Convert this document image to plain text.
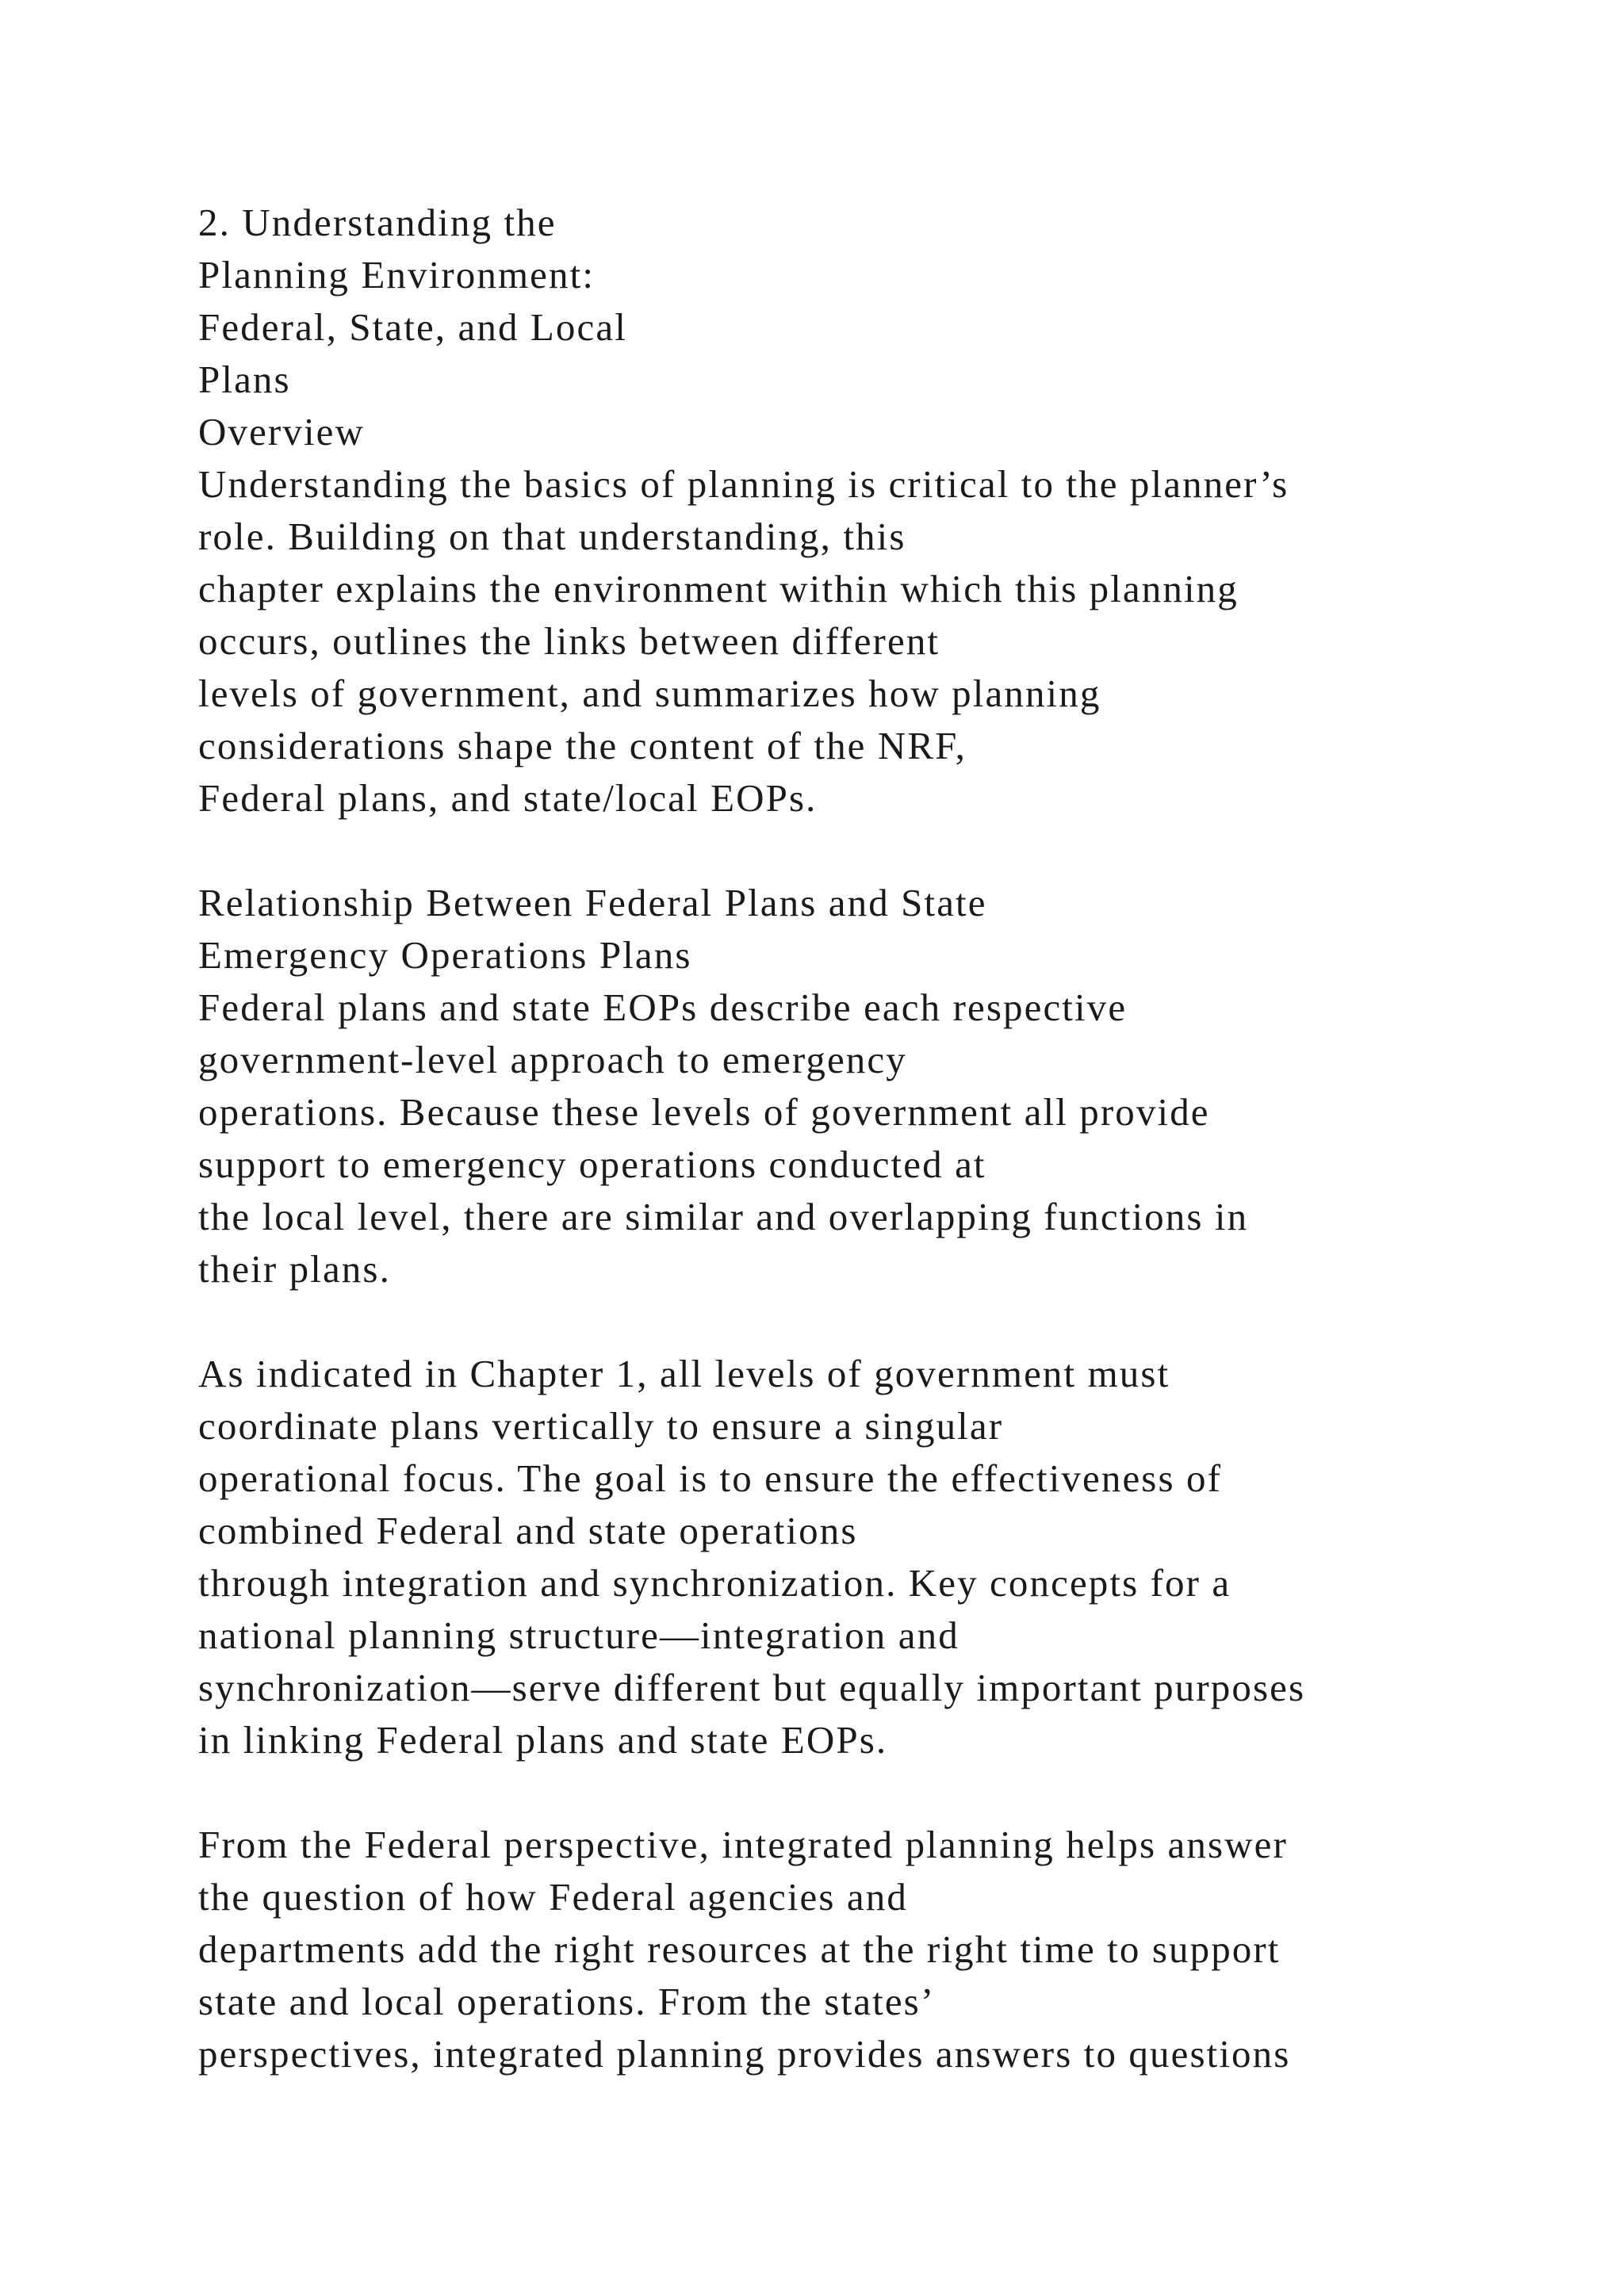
2. Understanding the
Planning Environment:
Federal, State, and Local
Plans
Overview
Understanding the basics of planning is critical to the planner’s
role. Building on that understanding, this
chapter explains the environment within which this planning
occurs, outlines the links between different
levels of government, and summarizes how planning
considerations shape the content of the NRF,
Federal plans, and state/local EOPs.
Relationship Between Federal Plans and State
Emergency Operations Plans
Federal plans and state EOPs describe each respective
government-level approach to emergency
operations. Because these levels of government all provide
support to emergency operations conducted at
the local level, there are similar and overlapping functions in
their plans.
As indicated in Chapter 1, all levels of government must
coordinate plans vertically to ensure a singular
operational focus. The goal is to ensure the effectiveness of
combined Federal and state operations
through integration and synchronization. Key concepts for a
national planning structure—integration and
synchronization—serve different but equally important purposes
in linking Federal plans and state EOPs.
From the Federal perspective, integrated planning helps answer
the question of how Federal agencies and
departments add the right resources at the right time to support
state and local operations. From the states’
perspectives, integrated planning provides answers to questions
